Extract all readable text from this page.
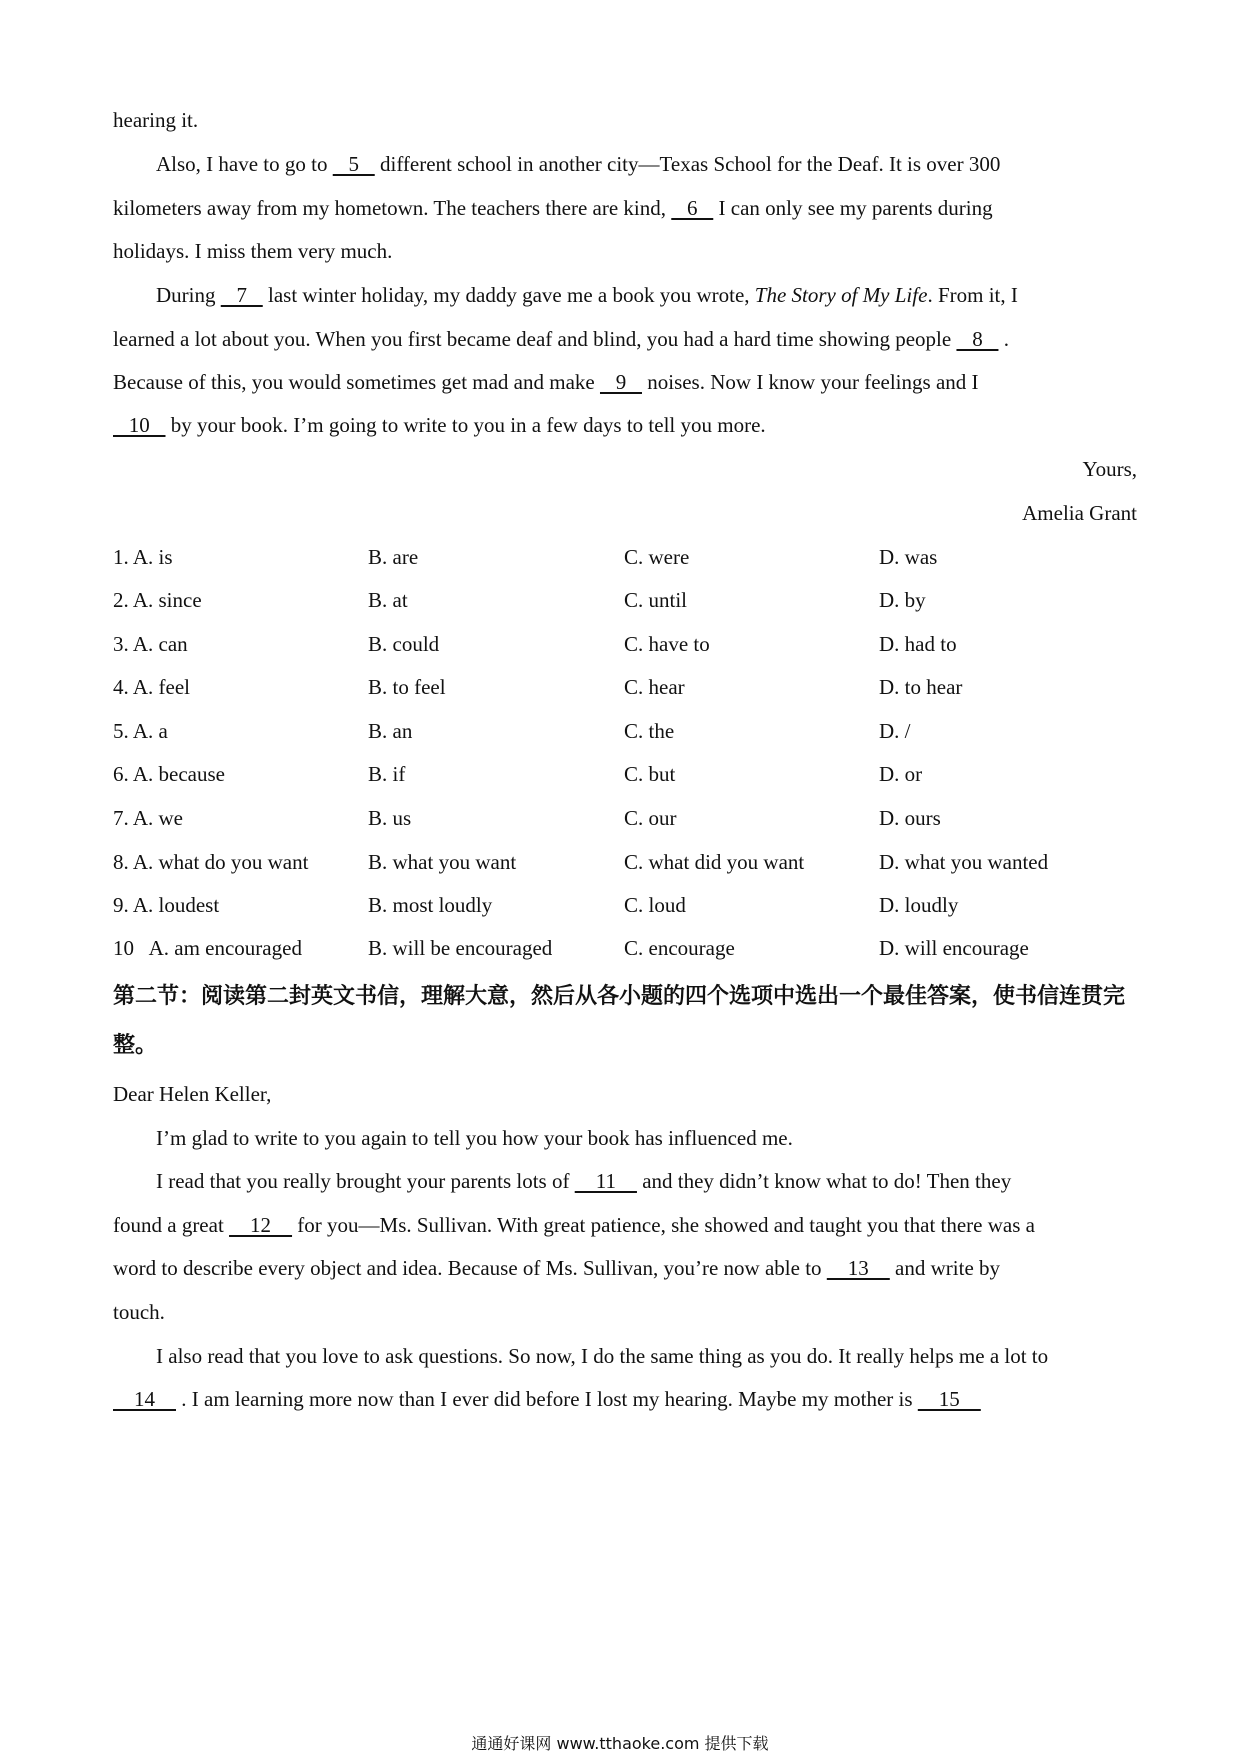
hearing it.
Also, I have to go to    5    different school in another city—Texas School for the Deaf. It is over 300
kilometers away from my hometown. The teachers there are kind,    6    I can only see my parents during
holidays. I miss them very much.
During    7    last winter holiday, my daddy gave me a book you wrote, The Story of My Life. From it, I
learned a lot about you. When you first became deaf and blind, you had a hard time showing people    8    .
Because of this, you would sometimes get mad and make    9    noises. Now I know your feelings and I
10    by your book. I’m going to write to you in a few days to tell you more.
Yours,
Amelia Grant
1. A. is	B. are	C. were	D. was
2. A. since	B. at	C. until	D. by
3. A. can	B. could	C. have to	D. had to
4. A. feel	B. to feel	C. hear	D. to hear
5. A. a	B. an	C. the	D. /
6. A. because	B. if	C. but	D. or
7. A. we	B. us	C. our	D. ours
8. A. what do you want	B. what you want	C. what did you want	D. what you wanted
9. A. loudest	B. most loudly	C. loud	D. loudly
10   A. am encouraged	B. will be encouraged	C. encourage	D. will encourage
第二节：阅读第二封英文书信，理解大意，然后从各小题的四个选项中选出一个最佳答案，使书信连贯完整。
Dear Helen Keller,
I’m glad to write to you again to tell you how your book has influenced me.
I read that you really brought your parents lots of     11     and they didn’t know what to do! Then they
found a great     12     for you—Ms. Sullivan. With great patience, she showed and taught you that there was a
word to describe every object and idea. Because of Ms. Sullivan, you’re now able to     13     and write by
touch.
I also read that you love to ask questions. So now, I do the same thing as you do. It really helps me a lot to
14     . I am learning more now than I ever did before I lost my hearing. Maybe my mother is     15
通通好课网 www.tthaoke.com 提供下载
